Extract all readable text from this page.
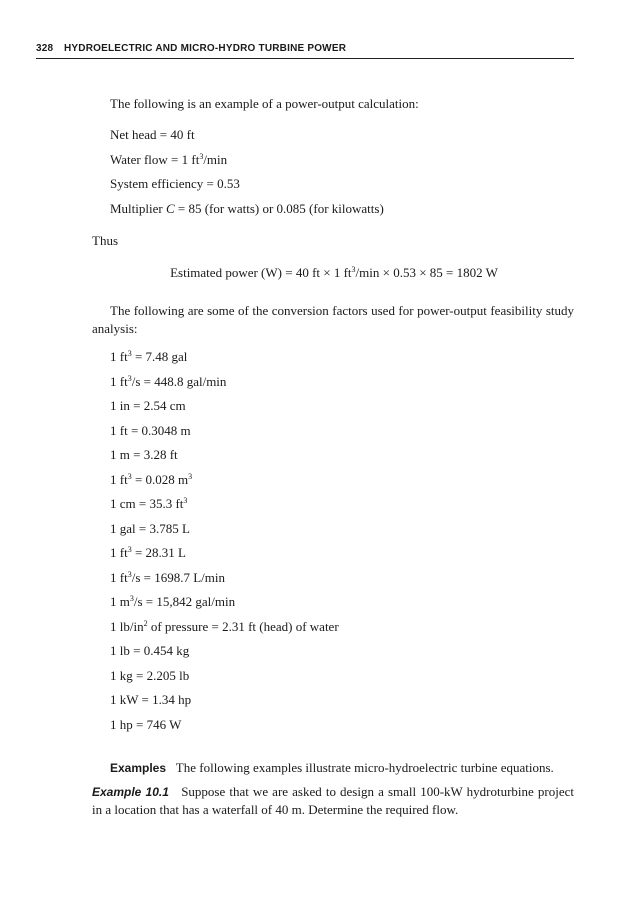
328 HYDROELECTRIC AND MICRO-HYDRO TURBINE POWER
The following is an example of a power-output calculation:
Net head = 40 ft
Water flow = 1 $ft^3/\min$
System efficiency = 0.53
Multiplier C = 85 (for watts) or 0.085 (for kilowatts)
Thus
Estimated power (W) = 40 ft × 1 $ft^3/\min \times 0.53 \times 85 = 1802$ W
The following are some of the conversion factors used for power-output feasibility study analysis:
1 $ft^3 = 7.48$ gal
1 $ft^3/s = 448.8$ gal/min
1 in = 2.54 cm
1 ft = 0.3048 m
1 m = 3.28 ft
1 $ft^3 = 0.028$ $m^3$
1 cm = 35.3 $ft^3$
1 gal = 3.785 L
1 $ft^3 = 28.31$ L
1 $ft^3/s = 1698.7$ L/min
1 $m^3/s = 15,842$ gal/min
1 $lb/in^2$ of pressure = 2.31 ft (head) of water
1 lb = 0.454 kg
1 kg = 2.205 lb
1 kW = 1.34 hp
1 hp = 746 W
Examples The following examples illustrate micro-hydroelectric turbine equations.
Example 10.1 Suppose that we are asked to design a small 100-kW hydroturbine project in a location that has a waterfall of 40 m. Determine the required flow.
